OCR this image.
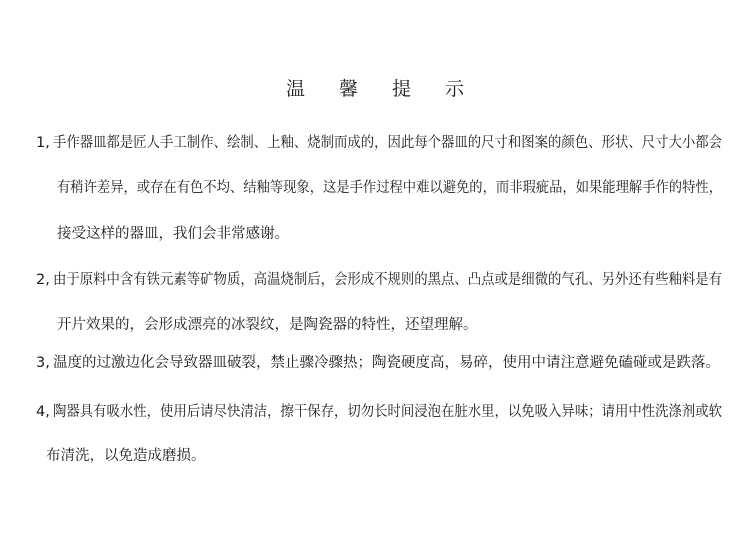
温 馨 提 示
1, 手作器皿都是匠人手工制作、绘制、上釉、烧制而成的，因此每个器皿的尺寸和图案的颜色、形状、尺寸大小都会
有稍许差异，或存在有色不均、结釉等现象，这是手作过程中难以避免的，而非瑕疵品，如果能理解手作的特性，
接受这样的器皿，我们会非常感谢。
2, 由于原料中含有铁元素等矿物质，高温烧制后，会形成不规则的黑点、凸点或是细微的气孔、另外还有些釉料是有
开片效果的，会形成漂亮的冰裂纹，是陶瓷器的特性，还望理解。
3, 温度的过激边化会导致器皿破裂，禁止骤冷骤热；陶瓷硬度高，易碎，使用中请注意避免磕碰或是跌落。
4, 陶器具有吸水性，使用后请尽快清洁，擦干保存，切勿长时间浸泡在脏水里，以免吸入异味；请用中性洗涤剂或软
布清洗，以免造成磨损。
